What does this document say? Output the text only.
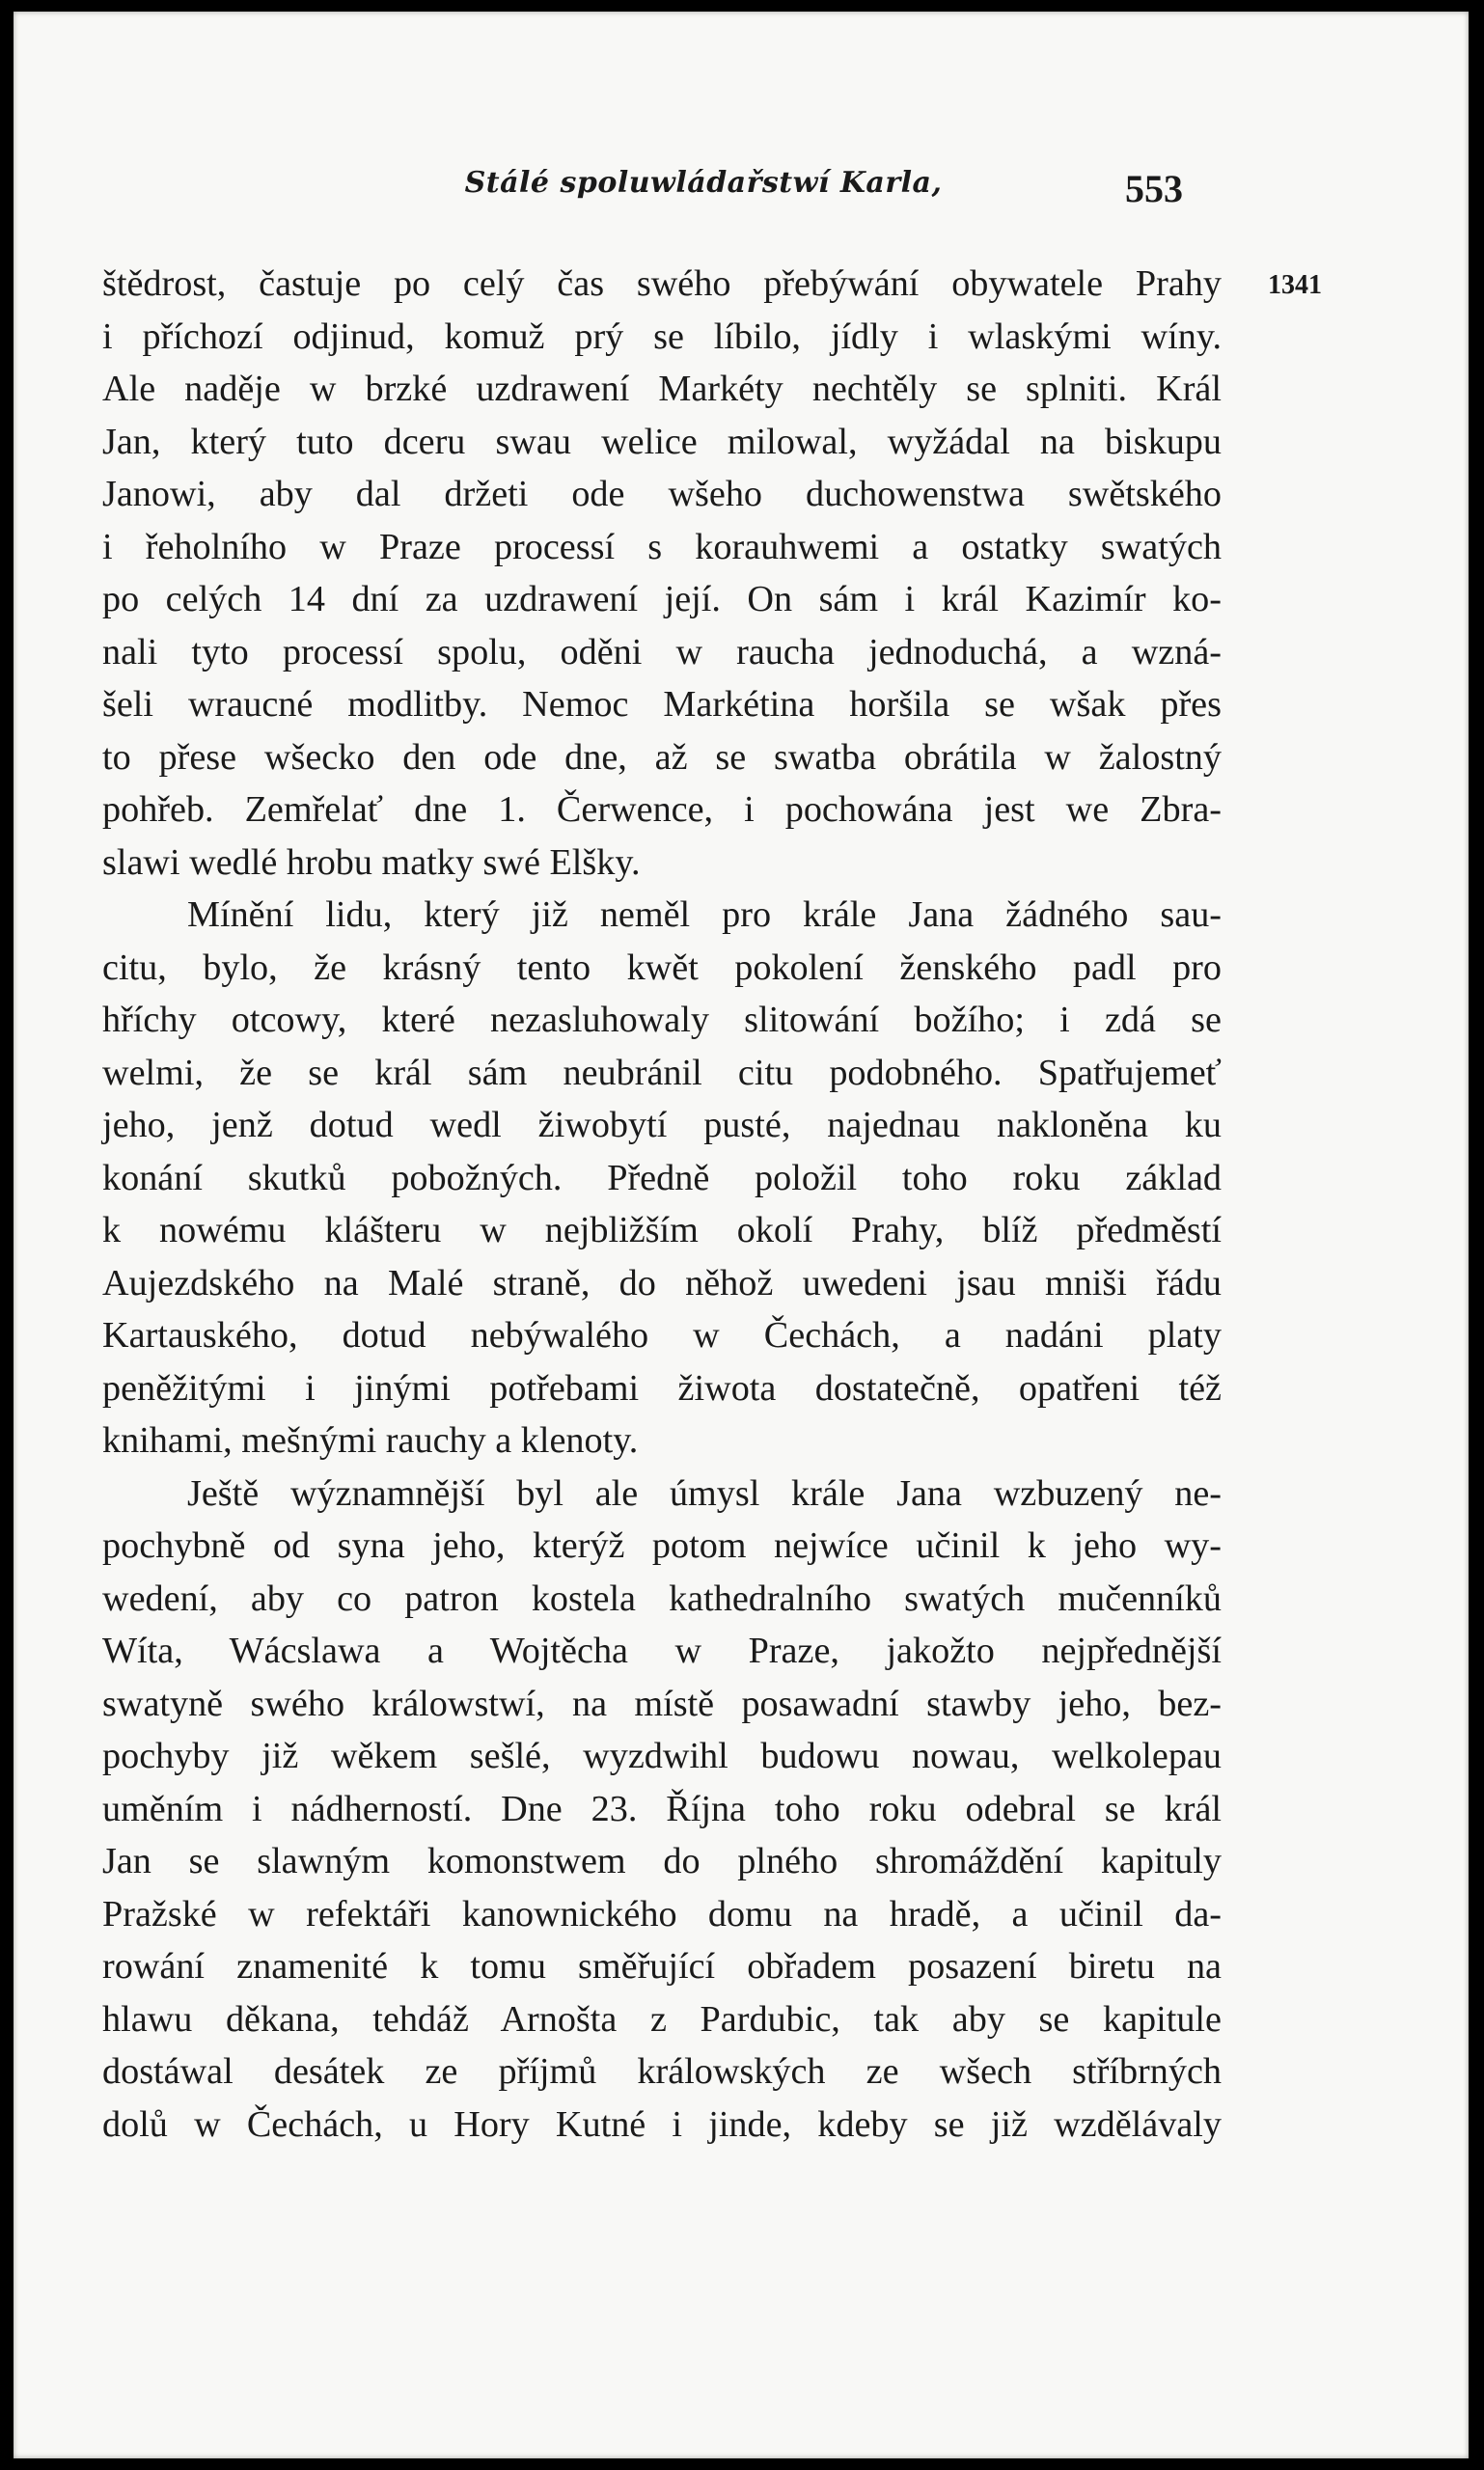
Stálé spoluwládařstwí Karla,	553
1341
štědrost, častuje po celý čas swého přebýwání obywatele Prahy
i příchozí odjinud, komuž prý se líbilo, jídly i wlaskými wíny.
Ale naděje w brzké uzdrawení Markéty nechtěly se splniti. Král
Jan, který tuto dceru swau welice milowal, wyžádal na biskupu
Janowi, aby dal držeti ode wšeho duchowenstwa swětského
i řeholního w Praze processí s korauhwemi a ostatky swatých
po celých 14 dní za uzdrawení její. On sám i král Kazimír ko-
nali tyto processí spolu, oděni w raucha jednoduchá, a wzná-
šeli wraucné modlitby. Nemoc Markétina horšila se wšak přes
to přese wšecko den ode dne, až se swatba obrátila w žalostný
pohřeb. Zemřelať dne 1. Čerwence, i pochowána jest we Zbra-
slawi wedlé hrobu matky swé Elšky.
Mínění lidu, který již neměl pro krále Jana žádného sau-
citu, bylo, že krásný tento kwět pokolení ženského padl pro
hříchy otcowy, které nezasluhowaly slitowání božího; i zdá se
welmi, že se král sám neubránil citu podobného. Spatřujemeť
jeho, jenž dotud wedl žiwobytí pusté, najednau nakloněna ku
konání skutků pobožných. Předně položil toho roku základ
k nowému klášteru w nejbližším okolí Prahy, blíž předměstí
Aujezdského na Malé straně, do něhož uwedeni jsau mniši řádu
Kartauského, dotud nebýwalého w Čechách, a nadáni platy
peněžitými i jinými potřebami žiwota dostatečně, opatřeni též
knihami, mešnými rauchy a klenoty.
Ještě wýznamnější byl ale úmysl krále Jana wzbuzený ne-
pochybně od syna jeho, kterýž potom nejwíce učinil k jeho wy-
wedení, aby co patron kostela kathedralního swatých mučenníků
Wíta, Wácslawa a Wojtěcha w Praze, jakožto nejpřednější
swatyně swého králowstwí, na místě posawadní stawby jeho, bez-
pochyby již wěkem sešlé, wyzdwihl budowu nowau, welkolepau
uměním i nádherností. Dne 23. Října toho roku odebral se král
Jan se slawným komonstwem do plného shromáždění kapituly
Pražské w refektáři kanownického domu na hradě, a učinil da-
rowání znamenité k tomu směřující obřadem posazení biretu na
hlawu děkana, tehdáž Arnošta z Pardubic, tak aby se kapitule
dostáwal desátek ze příjmů králowských ze wšech stříbrných
dolů w Čechách, u Hory Kutné i jinde, kdeby se již wzdělávaly
